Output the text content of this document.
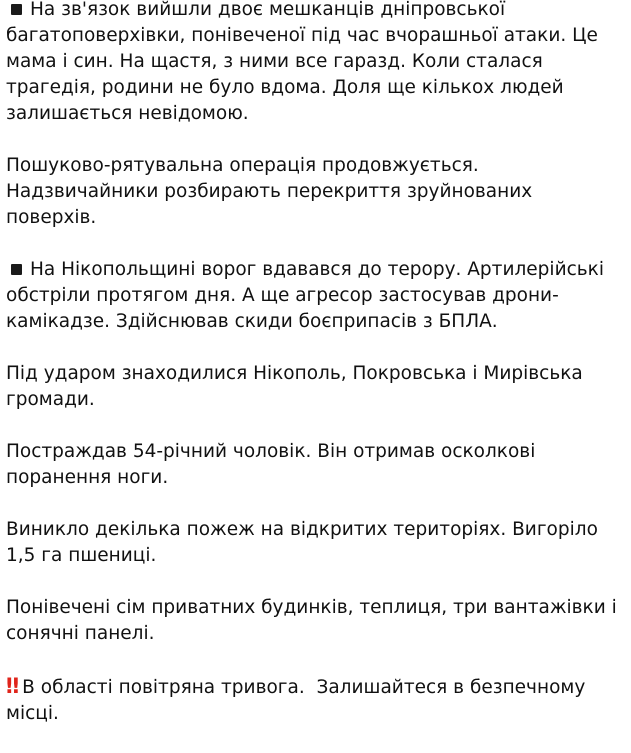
На зв'язок вийшли двоє мешканців дніпровської багатоповерхівки, понівеченої під час вчорашньої атаки. Це мама і син. На щастя, з ними все гаразд. Коли сталася трагедія, родини не було вдома. Доля ще кількох людей залишається невідомою.

Пошуково-рятувальна операція продовжується. Надзвичайники розбирають перекриття зруйнованих поверхів.

На Нікопольщині ворог вдавався до терору. Артилерійські обстріли протягом дня. А ще агресор застосував дрони-камікадзе. Здійснював скиди боєприпасів з БПЛА.

Під ударом знаходилися Нікополь, Покровська і Мирівська громади.

Постраждав 54-річний чоловік. Він отримав осколкові поранення ноги.

Виникло декілька пожеж на відкритих територіях. Вигоріло 1,5 га пшениці.

Понівечені сім приватних будинків, теплиця, три вантажівки і сонячні панелі.

‼ В області повітряна тривога.  Залишайтеся в безпечному місці.
